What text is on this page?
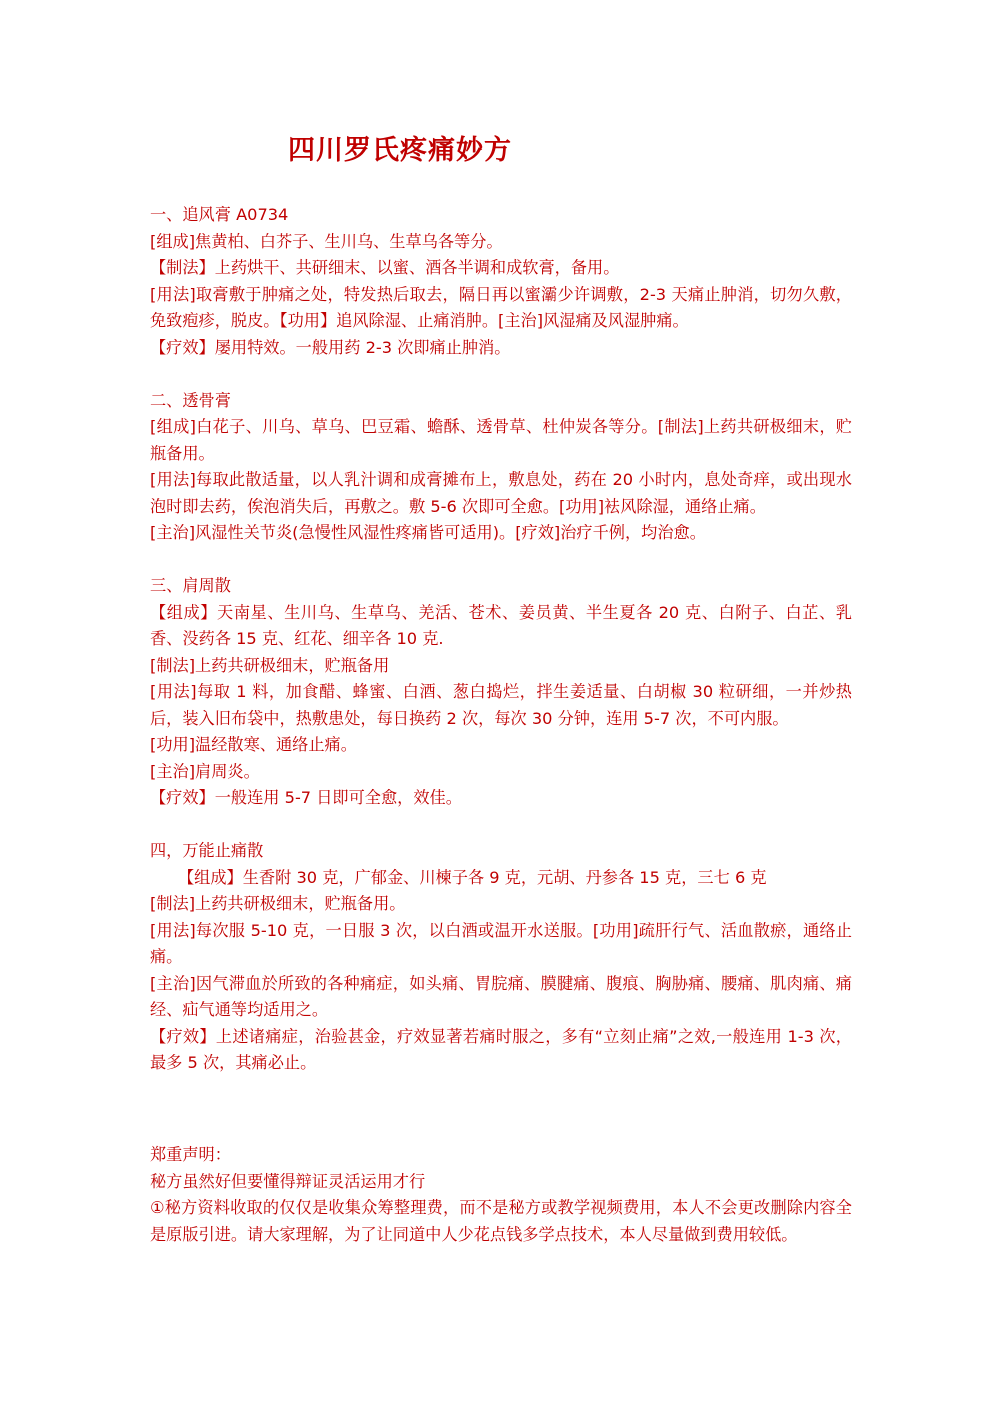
四川罗氏疼痛妙方

一、追风膏 A0734

[组成]焦黄柏、白芥子、生川乌、生草乌各等分。

【制法】上药烘干、共研细末、以蜜、酒各半调和成软膏，备用。

[用法]取膏敷于肿痛之处，特发热后取去，隔日再以蜜灞少许调敷，2-3 天痛止肿消，切勿久敷，免致疱疹，脱皮。【功用】追风除湿、止痛消肿。[主治]风湿痛及风湿肿痛。

【疗效】屡用特效。一般用药 2-3 次即痛止肿消。

二、透骨膏

[组成]白花子、川乌、草乌、巴豆霜、蟾酥、透骨草、杜仲炭各等分。[制法]上药共研极细末，贮瓶备用。

[用法]每取此散适量，以人乳汁调和成膏摊布上，敷息处，药在 20 小时内，息处奇痒，或出现水泡时即去药，俟泡消失后，再敷之。敷 5-6 次即可全愈。[功用]袪风除湿，通络止痛。

[主治]风湿性关节炎(急慢性风湿性疼痛皆可适用)。[疗效]治疗千例，均治愈。

三、肩周散

【组成】天南星、生川乌、生草乌、羌活、苍术、姜员黄、半生夏各 20 克、白附子、白芷、乳香、没药各 15 克、红花、细辛各 10 克.

[制法]上药共研极细末，贮瓶备用

[用法]每取 1 料，加食醋、蜂蜜、白酒、葱白捣烂，拌生姜适量、白胡椒 30 粒研细，一并炒热后，装入旧布袋中，热敷患处，每日换药 2 次，每次 30 分钟，连用 5-7 次，不可内服。

[功用]温经散寒、通络止痛。

[主治]肩周炎。

【疗效】一般连用 5-7 日即可全愈，效佳。

四，万能止痛散

【组成】生香附 30 克，广郁金、川楝子各 9 克，元胡、丹参各 15 克，三七 6 克

[制法]上药共研极细末，贮瓶备用。

[用法]每次服 5-10 克，一日服 3 次，以白酒或温开水送服。[功用]疏肝行气、活血散瘀，通络止痛。

[主治]因气滞血於所致的各种痛症，如头痛、胃脘痛、膜腱痛、腹痕、胸胁痛、腰痛、肌肉痛、痛经、疝气通等均适用之。

【疗效】上述诸痛症，治验甚金，疗效显著若痛时服之，多有“立刻止痛”之效,一般连用 1-3 次，最多 5 次，其痛必止。

郑重声明：

秘方虽然好但要懂得辩证灵活运用才行

①秘方资料收取的仅仅是收集众筹整理费，而不是秘方或教学视频费用，本人不会更改删除内容全是原版引进。请大家理解，为了让同道中人少花点钱多学点技术，本人尽量做到费用较低。
